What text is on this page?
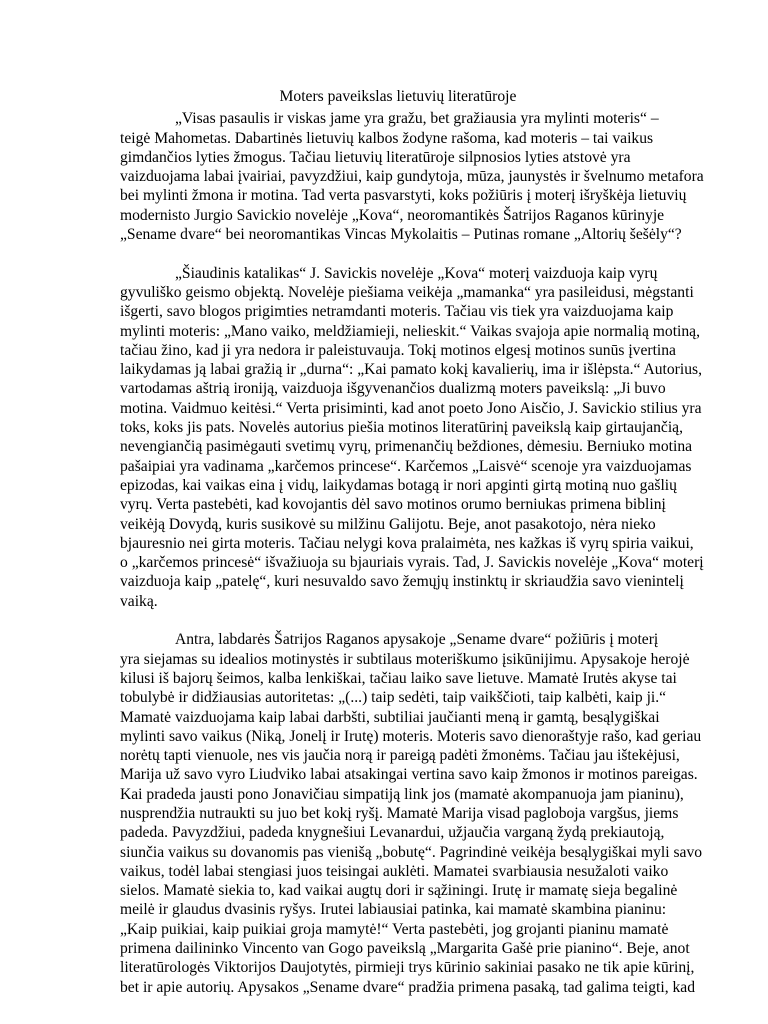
Moters paveikslas lietuvių literatūroje
„Visas pasaulis ir viskas jame yra gražu, bet gražiausia yra mylinti moteris“ –
teigė Mahometas. Dabartinės lietuvių kalbos žodyne rašoma, kad moteris – tai vaikus
gimdančios lyties žmogus. Tačiau lietuvių literatūroje silpnosios lyties atstovė yra
vaizduojama labai įvairiai, pavyzdžiui, kaip gundytoja, mūza, jaunystės ir švelnumo metafora
bei mylinti žmona ir motina. Tad verta pasvarstyti, koks požiūris į moterį išryškėja lietuvių
modernisto Jurgio Savickio novelėje „Kova“, neoromantikės Šatrijos Raganos kūrinyje
„Sename dvare“ bei neoromantikas Vincas Mykolaitis – Putinas romane „Altorių šešėly“?
„Šiaudinis katalikas“ J. Savickis novelėje „Kova“ moterį vaizduoja kaip vyrų
gyvuliško geismo objektą. Novelėje piešiama veikėja „mamanka“ yra pasileidusi, mėgstanti
išgerti, savo blogos prigimties netramdanti moteris. Tačiau vis tiek yra vaizduojama kaip
mylinti moteris: „Mano vaiko, meldžiamieji, nelieskit.“ Vaikas svajoja apie normalią motiną,
tačiau žino, kad ji yra nedora ir paleistuvauja. Tokį motinos elgesį motinos sunūs įvertina
laikydamas ją labai gražią ir „durna“: „Kai pamato kokį kavalierių, ima ir išlėpsta.“ Autorius,
vartodamas aštrią ironiją, vaizduoja išgyvenančios dualizmą moters paveikslą: „Ji buvo
motina. Vaidmuo keitėsi.“ Verta prisiminti, kad anot poeto Jono Aisčio, J. Savickio stilius yra
toks, koks jis pats. Novelės autorius piešia motinos literatūrinį paveikslą kaip girtaujančią,
nevengiančią pasimėgauti svetimų vyrų, primenančių beždiones, dėmesiu. Berniuko motina
pašaipiai yra vadinama „karčemos princese“. Karčemos „Laisvė“ scenoje yra vaizduojamas
epizodas, kai vaikas eina į vidų, laikydamas botagą ir nori apginti girtą motiną nuo gašlių
vyrų. Verta pastebėti, kad kovojantis dėl savo motinos orumo berniukas primena biblinį
veikėją Dovydą, kuris susikovė su milžinu Galijotu. Beje, anot pasakotojo, nėra nieko
bjauresnio nei girta moteris. Tačiau nelygi kova pralaimėta, nes kažkas iš vyrų spiria vaikui,
o „karčemos princesė“ išvažiuoja su bjauriais vyrais. Tad, J. Savickis novelėje „Kova“ moterį
vaizduoja kaip „patelę“, kuri nesuvaldo savo žemųjų instinktų ir skriaudžia savo vienintelį
vaiką.
Antra, labdarės Šatrijos Raganos apysakoje „Sename dvare“ požiūris į moterį
yra siejamas su idealios motinystės ir subtilaus moteriškumo įsikūnijimu. Apysakoje herojė
kilusi iš bajorų šeimos, kalba lenkiškai, tačiau laiko save lietuve. Mamatė Irutės akyse tai
tobulybė ir didžiausias autoritetas: „(...) taip sedėti, taip vaikščioti, taip kalbėti, kaip ji.“
Mamatė vaizduojama kaip labai darbšti, subtiliai jaučianti meną ir gamtą, besąlygiškai
mylinti savo vaikus (Niką, Jonelį ir Irutę) moteris. Moteris savo dienoraštyje rašo, kad geriau
norėtų tapti vienuole, nes vis jaučia norą ir pareigą padėti žmonėms. Tačiau jau ištekėjusi,
Marija už savo vyro Liudviko labai atsakingai vertina savo kaip žmonos ir motinos pareigas.
Kai pradeda jausti pono Jonavičiau simpatiją link jos (mamatė akompanuoja jam pianinu),
nusprendžia nutraukti su juo bet kokį ryšį. Mamatė Marija visad pagloboja vargšus, jiems
padeda. Pavyzdžiui, padeda knygnešiui Levanardui, užjaučia varganą žydą prekiautoją,
siunčia vaikus su dovanomis pas vienišą „bobutę“. Pagrindinė veikėja besąlygiškai myli savo
vaikus, todėl labai stengiasi juos teisingai auklėti. Mamatei svarbiausia nesužaloti vaiko
sielos. Mamatė siekia to, kad vaikai augtų dori ir sąžiningi. Irutę ir mamatę sieja begalinė
meilė ir glaudus dvasinis ryšys. Irutei labiausiai patinka, kai mamatė skambina pianinu:
„Kaip puikiai, kaip puikiai groja mamytė!“ Verta pastebėti, jog grojanti pianinu mamatė
primena dailininko Vincento van Gogo paveikslą „Margarita Gašė prie pianino“. Beje, anot
literatūrologės Viktorijos Daujotytės, pirmieji trys kūrinio sakiniai pasako ne tik apie kūrinį,
bet ir apie autorių. Apysakos „Sename dvare“ pradžia primena pasaką, tad galima teigti, kad
